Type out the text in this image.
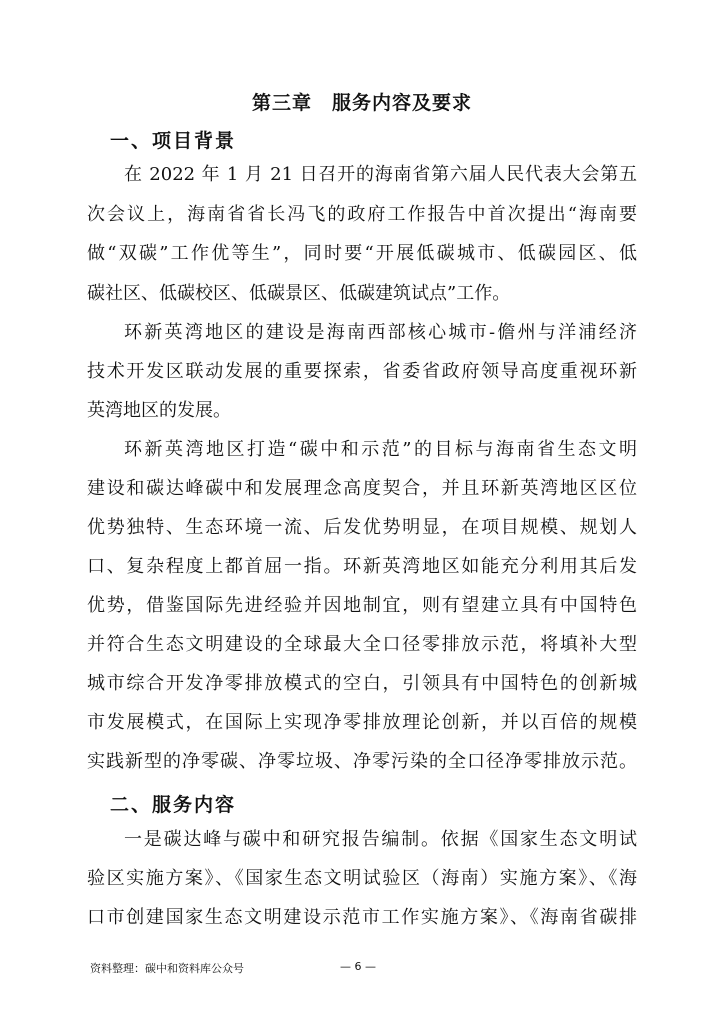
第三章　服务内容及要求
一、项目背景

在 2022 年 1 月 21 日召开的海南省第六届人民代表大会第五

次会议上，海南省省长冯飞的政府工作报告中首次提出“海南要

做“双碳”工作优等生”，同时要“开展低碳城市、低碳园区、低

碳社区、低碳校区、低碳景区、低碳建筑试点”工作。

环新英湾地区的建设是海南西部核心城市-儋州与洋浦经济

技术开发区联动发展的重要探索，省委省政府领导高度重视环新

英湾地区的发展。

环新英湾地区打造“碳中和示范”的目标与海南省生态文明

建设和碳达峰碳中和发展理念高度契合，并且环新英湾地区区位

优势独特、生态环境一流、后发优势明显，在项目规模、规划人

口、复杂程度上都首屈一指。环新英湾地区如能充分利用其后发

优势，借鉴国际先进经验并因地制宜，则有望建立具有中国特色

并符合生态文明建设的全球最大全口径零排放示范，将填补大型

城市综合开发净零排放模式的空白，引领具有中国特色的创新城

市发展模式，在国际上实现净零排放理论创新，并以百倍的规模

实践新型的净零碳、净零垃圾、净零污染的全口径净零排放示范。

二、服务内容

一是碳达峰与碳中和研究报告编制。依据《国家生态文明试

验区实施方案》、《国家生态文明试验区（海南）实施方案》、《海

口市创建国家生态文明建设示范市工作实施方案》、《海南省碳排

资料整理：碳中和资料库公众号	— 6 —
